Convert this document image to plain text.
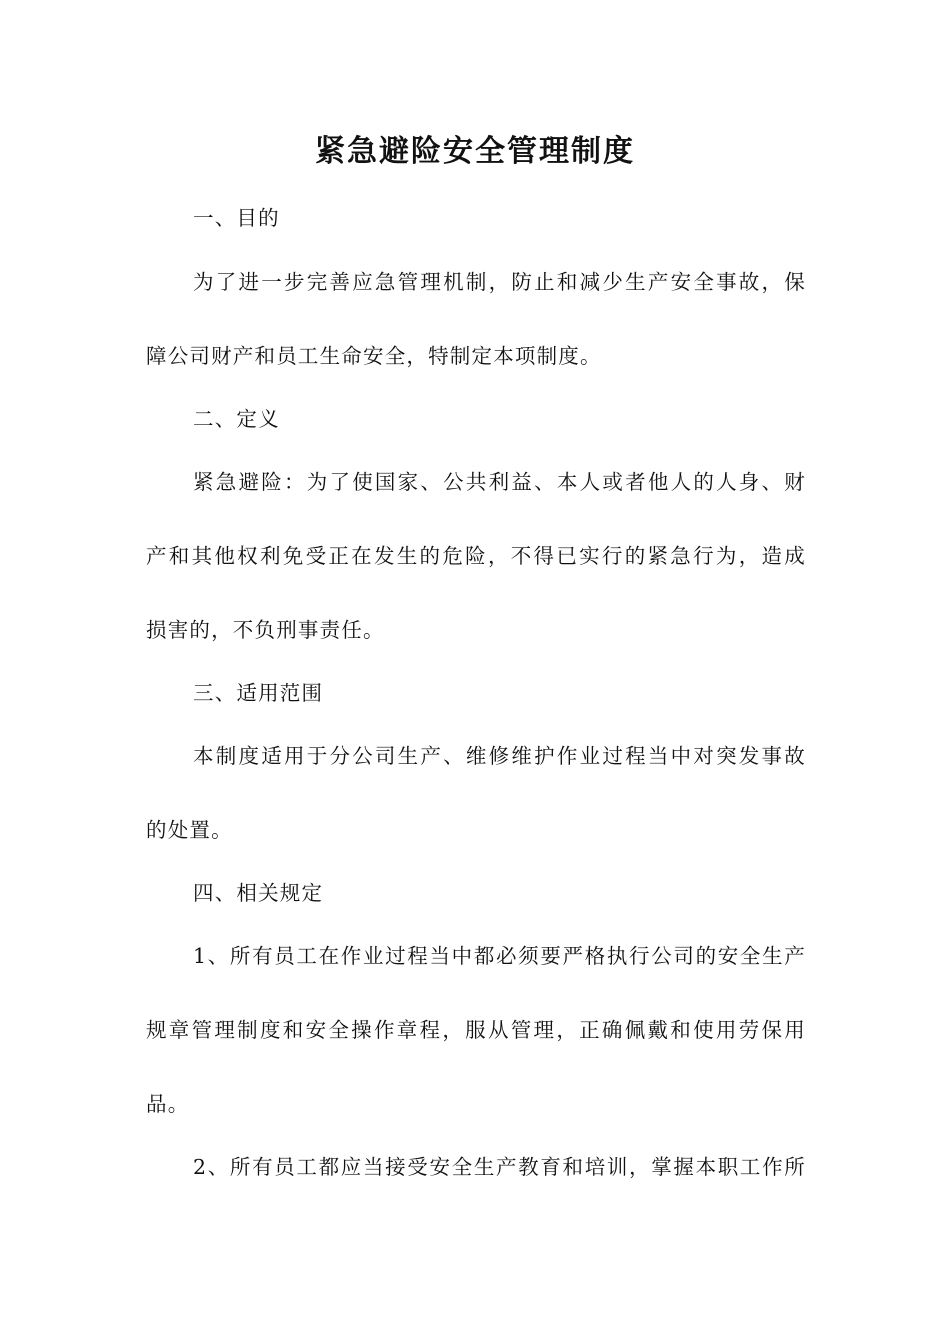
紧急避险安全管理制度
一、目的
为了进一步完善应急管理机制，防止和减少生产安全事故，保
障公司财产和员工生命安全，特制定本项制度。
二、定义
紧急避险：为了使国家、公共利益、本人或者他人的人身、财
产和其他权利免受正在发生的危险，不得已实行的紧急行为，造成
损害的，不负刑事责任。
三、适用范围
本制度适用于分公司生产、维修维护作业过程当中对突发事故
的处置。
四、相关规定
1、所有员工在作业过程当中都必须要严格执行公司的安全生产
规章管理制度和安全操作章程，服从管理，正确佩戴和使用劳保用
品。
2、所有员工都应当接受安全生产教育和培训，掌握本职工作所
